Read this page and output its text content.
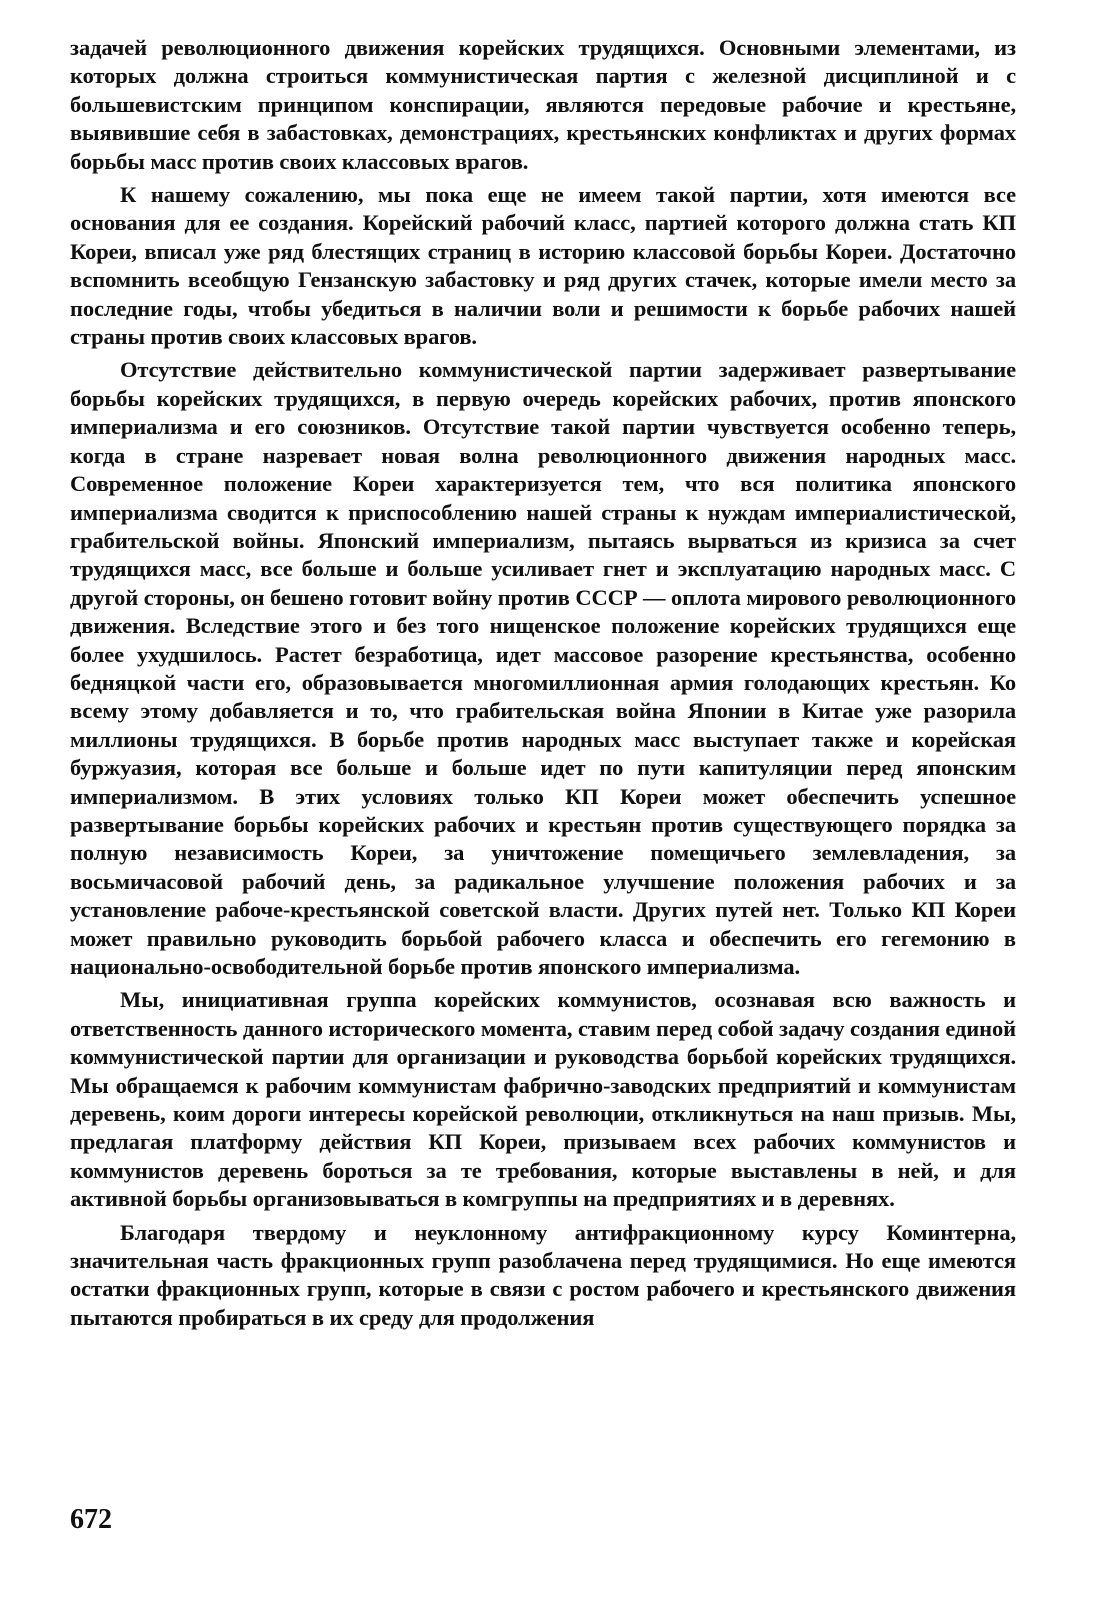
задачей революционного движения корейских трудящихся. Основными элементами, из которых должна строиться коммунистическая партия с железной дисциплиной и с большевистским принципом конспирации, являются передовые рабочие и крестьяне, выявившие себя в забастовках, демонстрациях, крестьянских конфликтах и других формах борьбы масс против своих классовых врагов.

К нашему сожалению, мы пока еще не имеем такой партии, хотя имеются все основания для ее создания. Корейский рабочий класс, партией которого должна стать КП Кореи, вписал уже ряд блестящих страниц в историю классовой борьбы Кореи. Достаточно вспомнить всеобщую Гензанскую забастовку и ряд других стачек, которые имели место за последние годы, чтобы убедиться в наличии воли и решимости к борьбе рабочих нашей страны против своих классовых врагов.

Отсутствие действительно коммунистической партии задерживает развертывание борьбы корейских трудящихся, в первую очередь корейских рабочих, против японского империализма и его союзников. Отсутствие такой партии чувствуется особенно теперь, когда в стране назревает новая волна революционного движения народных масс. Современное положение Кореи характеризуется тем, что вся политика японского империализма сводится к приспособлению нашей страны к нуждам империалистической, грабительской войны. Японский империализм, пытаясь вырваться из кризиса за счет трудящихся масс, все больше и больше усиливает гнет и эксплуатацию народных масс. С другой стороны, он бешено готовит войну против СССР — оплота мирового революционного движения. Вследствие этого и без того нищенское положение корейских трудящихся еще более ухудшилось. Растет безработица, идет массовое разорение крестьянства, особенно бедняцкой части его, образовывается многомиллионная армия голодающих крестьян. Ко всему этому добавляется и то, что грабительская война Японии в Китае уже разорила миллионы трудящихся. В борьбе против народных масс выступает также и корейская буржуазия, которая все больше и больше идет по пути капитуляции перед японским империализмом. В этих условиях только КП Кореи может обеспечить успешное развертывание борьбы корейских рабочих и крестьян против существующего порядка за полную независимость Кореи, за уничтожение помещичьего землевладения, за восьмичасовой рабочий день, за радикальное улучшение положения рабочих и за установление рабоче-крестьянской советской власти. Других путей нет. Только КП Кореи может правильно руководить борьбой рабочего класса и обеспечить его гегемонию в национально-освободительной борьбе против японского империализма.

Мы, инициативная группа корейских коммунистов, осознавая всю важность и ответственность данного исторического момента, ставим перед собой задачу создания единой коммунистической партии для организации и руководства борьбой корейских трудящихся. Мы обращаемся к рабочим коммунистам фабрично-заводских предприятий и коммунистам деревень, коим дороги интересы корейской революции, откликнуться на наш призыв. Мы, предлагая платформу действия КП Кореи, призываем всех рабочих коммунистов и коммунистов деревень бороться за те требования, которые выставлены в ней, и для активной борьбы организовываться в комгруппы на предприятиях и в деревнях.

Благодаря твердому и неуклонному антифракционному курсу Коминтерна, значительная часть фракционных групп разоблачена перед трудящимися. Но еще имеются остатки фракционных групп, которые в связи с ростом рабочего и крестьянского движения пытаются пробираться в их среду для продолжения

672
